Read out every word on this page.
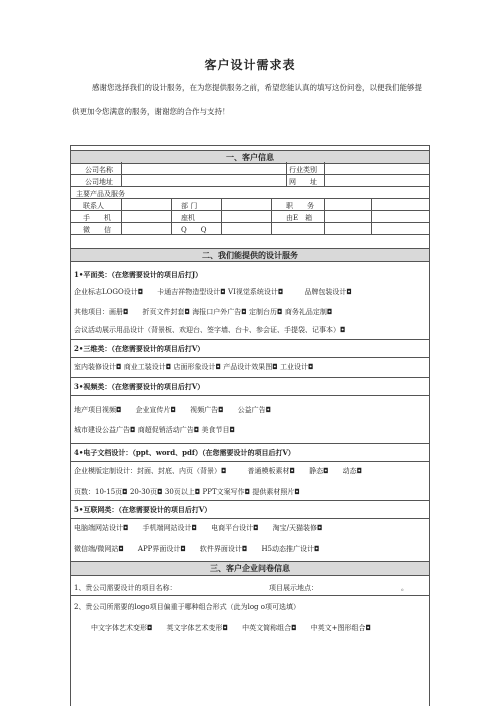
客户设计需求表
感谢您选择我们的设计服务，在为您提供服务之前，希望您能认真的填写这份问卷，以便我们能够提
供更加令您满意的服务，谢谢您的合作与支持！
一、客户信息
公司名称	行业类别
公司地址	网　　址
主要产品及服务
联系人	部 门	职　　务
手　　机	座机	由E　箱
微　　信	Q　　Q
二、我们能提供的设计服务
1•平面类：（在您需要设计的项目后打J）
企业标志LOGO设计◘　　卡通吉祥物造型设计◘ VI视觉系统设计◘　　　品牌包装设计◘
其他项目：画册◘　　折页文件封套◘ 海报口户外广告◘ 定制台历◘ 商务礼品定制◘
会议活动展示用品设计（背景板、欢迎台、签字墙、台卡、参会证、手提袋、记事本）◘
2•三维类：（在您需要设计的项目后打V）
室内装修设计◘ 商业工装设计◘ 店面形象设计◘ 产品设计效果图◘ 工业设计◘
3•视频类：（在您需要设计的项目后打V）
地产项目视频◘　　企业宣传片◘　　视频广告◘　　公益广告◘
城市建设公益广告◘ 商超促销活动广告◘ 美食节目◘
4•电子文档设计：（ppt、word、pdf）（在您需要设计的项目后打V）
企业模版定制设计：封面、封底、内页（背景）◘　　　普通模板素材◘　　静态◘　　动态◘
页数：10-15页◘ 20-30页◘ 30页以上◘ PPT文案写作◘ 提供素材照片◘
5•互联网类：（在您需要设计的项目后打V）
电脑端网站设计◘　　手机端网站设计◘　　电商平台设计◘　　淘宝/天猫装修◘
微信端/微网站◘　　APP界面设计◘　　软件界面设计◘　　H5动态推广设计◘
三、客户企业问卷信息
1、贵公司需要设计的项目名称：	项目展示地点：	。
2、贵公司所需要的logo项目偏重于哪种组合形式（此为log o项可选填）
中文字体艺术变形◘　　英文字体艺术变形◘　　中英文简称组合◘　　中英文+图形组合◘
